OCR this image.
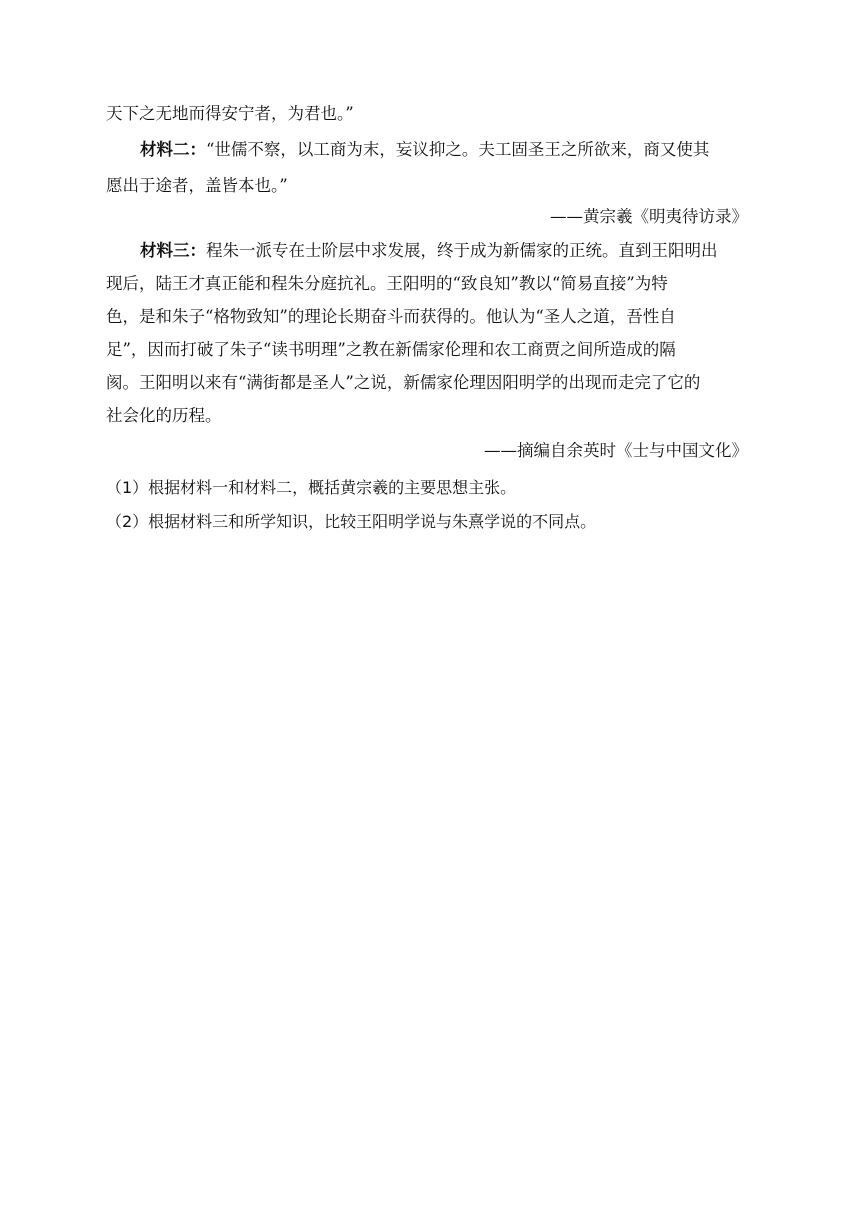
天下之无地而得安宁者，为君也。”
材料二：“世儒不察，以工商为末，妄议抑之。夫工固圣王之所欲来，商又使其
愿出于途者，盖皆本也。”
——黄宗羲《明夷待访录》
材料三：程朱一派专在士阶层中求发展，终于成为新儒家的正统。直到王阳明出
现后，陆王才真正能和程朱分庭抗礼。王阳明的“致良知”教以“简易直接”为特
色，是和朱子“格物致知”的理论长期奋斗而获得的。他认为“圣人之道，吾性自
足”，因而打破了朱子“读书明理”之教在新儒家伦理和农工商贾之间所造成的隔
阂。王阳明以来有“满街都是圣人”之说，新儒家伦理因阳明学的出现而走完了它的
社会化的历程。
——摘编自余英时《士与中国文化》
（1）根据材料一和材料二，概括黄宗羲的主要思想主张。
（2）根据材料三和所学知识，比较王阳明学说与朱熹学说的不同点。
